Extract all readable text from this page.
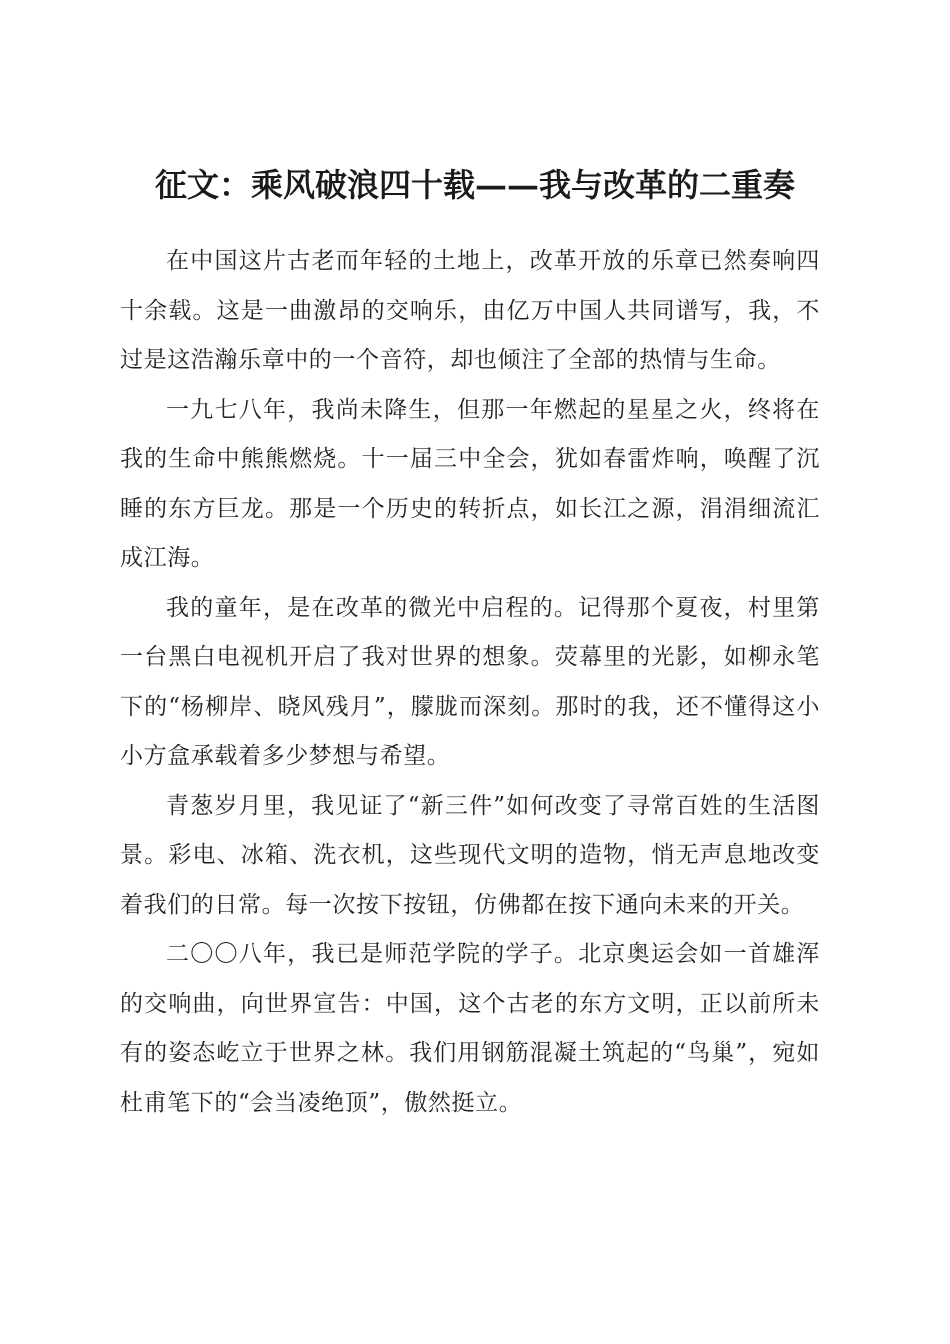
征文：乘风破浪四十载——我与改革的二重奏

在中国这片古老而年轻的土地上，改革开放的乐章已然奏响四十余载。这是一曲激昂的交响乐，由亿万中国人共同谱写，我，不过是这浩瀚乐章中的一个音符，却也倾注了全部的热情与生命。

一九七八年，我尚未降生，但那一年燃起的星星之火，终将在我的生命中熊熊燃烧。十一届三中全会，犹如春雷炸响，唤醒了沉睡的东方巨龙。那是一个历史的转折点，如长江之源，涓涓细流汇成江海。

我的童年，是在改革的微光中启程的。记得那个夏夜，村里第一台黑白电视机开启了我对世界的想象。荧幕里的光影，如柳永笔下的“杨柳岸、晓风残月”，朦胧而深刻。那时的我，还不懂得这小小方盒承载着多少梦想与希望。

青葱岁月里，我见证了“新三件”如何改变了寻常百姓的生活图景。彩电、冰箱、洗衣机，这些现代文明的造物，悄无声息地改变着我们的日常。每一次按下按钮，仿佛都在按下通向未来的开关。

二〇〇八年，我已是师范学院的学子。北京奥运会如一首雄浑的交响曲，向世界宣告：中国，这个古老的东方文明，正以前所未有的姿态屹立于世界之林。我们用钢筋混凝土筑起的“鸟巢”，宛如杜甫笔下的“会当凌绝顶”，傲然挺立。
